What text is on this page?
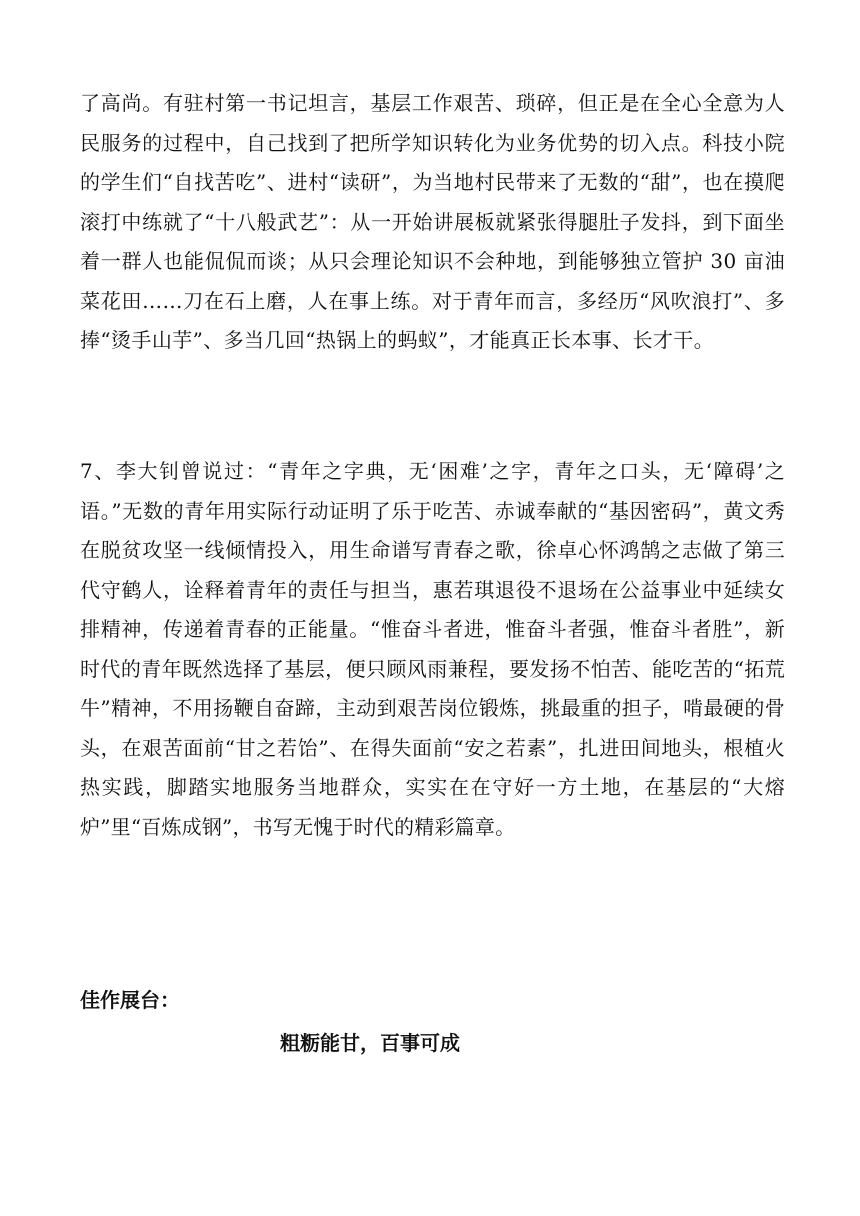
了高尚。有驻村第一书记坦言，基层工作艰苦、琐碎，但正是在全心全意为人民服务的过程中，自己找到了把所学知识转化为业务优势的切入点。科技小院的学生们“自找苦吃”、进村“读研”，为当地村民带来了无数的“甜”，也在摸爬滚打中练就了“十八般武艺”：从一开始讲展板就紧张得腿肚子发抖，到下面坐着一群人也能侃侃而谈；从只会理论知识不会种地，到能够独立管护 30 亩油菜花田……刀在石上磨，人在事上练。对于青年而言，多经历“风吹浪打”、多捧“烫手山芋”、多当几回“热锅上的蚂蚁”，才能真正长本事、长才干。

7、李大钊曾说过：“青年之字典，无‘困难’之字，青年之口头，无‘障碍’之语。”无数的青年用实际行动证明了乐于吃苦、赤诚奉献的“基因密码”，黄文秀在脱贫攻坚一线倾情投入，用生命谱写青春之歌，徐卓心怀鸿鹄之志做了第三代守鹤人，诠释着青年的责任与担当，惠若琪退役不退场在公益事业中延续女排精神，传递着青春的正能量。“惟奋斗者进，惟奋斗者强，惟奋斗者胜”，新时代的青年既然选择了基层，便只顾风雨兼程，要发扬不怕苦、能吃苦的“拓荒牛”精神，不用扬鞭自奋蹄，主动到艰苦岗位锻炼，挑最重的担子，啃最硬的骨头，在艰苦面前“甘之若饴”、在得失面前“安之若素”，扎进田间地头，根植火热实践，脚踏实地服务当地群众，实实在在守好一方土地，在基层的“大熔炉”里“百炼成钢”，书写无愧于时代的精彩篇章。

佳作展台：
粗粝能甘，百事可成
